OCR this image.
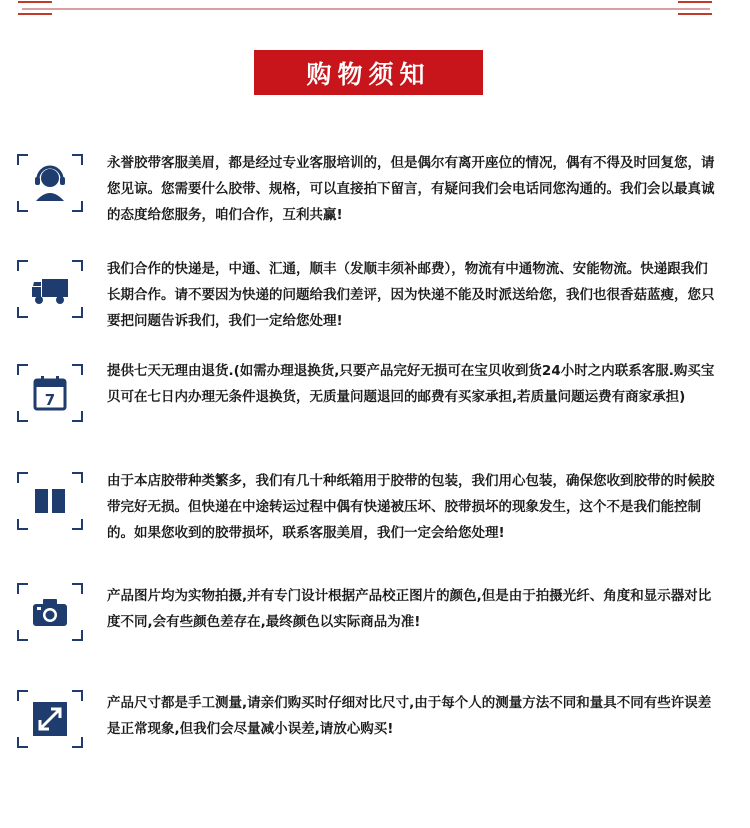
购物须知
永誉胶带客服美眉，都是经过专业客服培训的，但是偶尔有离开座位的情况，偶有不得及时回复您，请您见谅。您需要什么胶带、规格，可以直接拍下留言，有疑问我们会电话同您沟通的。我们会以最真诚的态度给您服务，咱们合作，互利共赢!
我们合作的快递是，中通、汇通，顺丰（发顺丰须补邮费），物流有中通物流、安能物流。快递跟我们长期合作。请不要因为快递的问题给我们差评，因为快递不能及时派送给您，我们也很香菇蓝瘦，您只要把问题告诉我们，我们一定给您处理!
7
提供七天无理由退货.(如需办理退换货,只要产品完好无损可在宝贝收到货24小时之内联系客服.购买宝贝可在七日内办理无条件退换货，无质量问题退回的邮费有买家承担,若质量问题运费有商家承担)
由于本店胶带种类繁多，我们有几十种纸箱用于胶带的包装，我们用心包装，确保您收到胶带的时候胶带完好无损。但快递在中途转运过程中偶有快递被压坏、胶带损坏的现象发生，这个不是我们能控制的。如果您收到的胶带损坏，联系客服美眉，我们一定会给您处理!
产品图片均为实物拍摄,并有专门设计根据产品校正图片的颜色,但是由于拍摄光纤、角度和显示器对比度不同,会有些颜色差存在,最终颜色以实际商品为准!
产品尺寸都是手工测量,请亲们购买时仔细对比尺寸,由于每个人的测量方法不同和量具不同有些许误差是正常现象,但我们会尽量减小误差,请放心购买!
